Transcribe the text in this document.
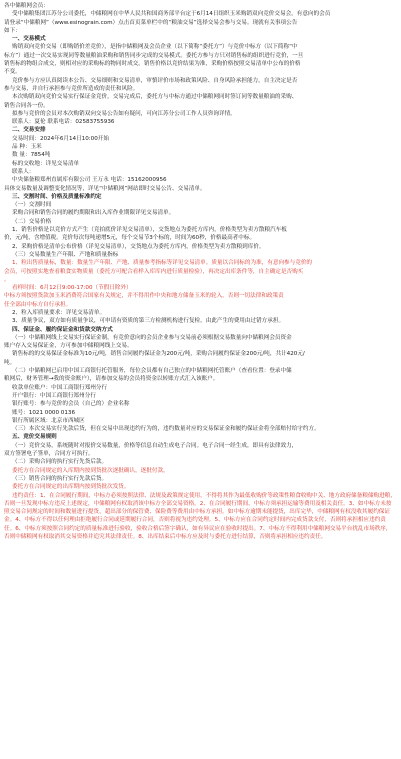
各中储粮网会员：
受中储粮集团江苏分公司委托，中储粮网在中华人民共和国商务部平台定于6月14日组织玉米购销双向竞价交易会，有意向的会员
请登录“中储粮网”（www.esinograin.com）点击首页菜单栏中的“粮油交易”选择交易会参与交易。现就有关事项公告
如下：
一、交易模式
购销双向竞价交易（即购销价差竞价），是指中储粮网及会员企业（以下简称“委托方”）与竞价中标方（以下简称“中
标方”）通过一次交易实现同等数量粮油采购和销售同步完成的交易模式。委托方参与方只对销售标的组织进行竞价，一旦
销售标的物组合成交，则相对应的采购标的物同时成交。销售价格以竞价结果为准，采购价格按照交易清单中公布的价格
不变。
竞价参与方应认真阅读本公告、交易细则和交易清单，审慎评价市场和政策风险、自身风险承担能力，自主决定是否
参与交易，并自行承担参与竞价所造成的责任和风险。
本次购销双向竞价交易实行保证金竞价，交易完成后，委托方与中标方通过中储粮网同时签订同等数量粮油的采购、
销售合同各一份。
拟参与竞价的会员对本次购销双向交易公告如有疑问，可向江苏分公司工作人员咨询详情。
联系人：夏伦 联系电话：02583755936
二、交易安排
交易时间：2024年6月14日10:00开始
品 种：玉米
数 量：7854吨
标的交收地：详见交易清单
联系人：
中央储备粮郑州直属库有限公司 王万永 电话：15162000956
具体交易数量及调整变化情况等，详见“中储粮网”网站即时交易公告、交易清单。
三、交割时间、价格及质量标准约定
（一）交割时间
采购合同和销售合同的履约期限和出入库作业期限详见交易清单。
（二）交易价格
1、销售价格是以竞价方式产生（竞拍底价详见交易清单），交货地点为委托方库内，价格类型为卖方散粮汽车板
价，元/吨，含增值税。竞价每次每吨递增5元，每个交易节3个标的，时间为60秒，价格最高者中标。
2、采购价格是清单公布价格（详见交易清单），交货地点为委托方库内，价格类型为卖方散粮到库价。
（三）交易数量生产年限、产地和质量指标
1、粒出售质量标，数量：数量生产年限、产地、质量参考指标等详见交易清单。质量以合同标的为准，有意向参与竞价的
会员，可按照实地查看粮食实物质量（委托方可配合看样入库库内进行质量检验），再决定出库条件等，自主确定是否购买
。
看样时间：6月12日9:00-17:00（节假日除外）
中标方须按照货款加玉米消费符合国家有关规定，并不得用作中央和地方储备玉米的轮入，否则一切法律和政策责
任全部由中标方自行承担。
2、粒入库质量要求：详见交易清单。
3、质量争议，双方如有质量争议，可申请有资质的第三方检测机构进行复检，由此产生的费用由过错方承担。
四、保证金、履约保证金和货款交纳方式
（一）中储粮网线上交易实行保证金制，有竞价意向的会员企业参与交易前必须根据交易数量向中储粮网会员资金
账户存入交易保证金，方可参加中储粮网线上交易。
销售标的的交易保证金标准为10元/吨，销售合同履约保证金为200元/吨，采购合同履约保证金200元/吨，共计420元/
吨。
（二）中储粮网已启用中国工商银行托管服务，每位会员都有自己独立的中储粮网托管账户（查看位置：登录中储
粮网后，财务管理→我的资金账户），请参加交易的会员将资金以转账方式汇入该账户。
收款单位账户：中国工商银行郑州分行
开户银行：中国工商银行郑州分行
银行账号：参与竞价的会员（自己的）企业名称
账号：1021 0000 0136
银行所属区域：北京市西城区
（三）本次交易实行先款后货，但在交易中出现违约行为的，违约数量对应的交易保证金和履约保证金将全部赔付给守约方。
五、竞价交易规则
（一）竞价交易，系统随时对报价交易数量，价格等信息自动生成电子合同。电子合同一经生成，即具有法律效力，
双方签署电子签单，合同方可执行。
（二）采购合同的执行实行先货后款。
委托方在合同规定的入库期内按到货批次逐批确认，逐批付款。
（三）销售合同的执行实行先款后货。
委托方在合同规定的出库期内按到货批次发货。
违约责任：1、在合同履行期间，中标方必须按照法律、法规及政策规定使用，不得将其作为最低收购价等政策性粮食收购中关、地方政府储备粮储购进粮，否则一旦发现中标方违反上述规定，中储粮网有权取消该中标方全部交易资格。2、在合同履行期间，中标方须承担运输等费用及相关责任。3、如中标方未按照交易合同规定的时间和数量进行提货，超出部分的保管费、保险费等费用由中标方承担。如中标方逾期未能提货，出库完毕，中储粮网有权没收其履约保证金。4、中标方不得以任何理由拒绝履行合同或延期履行合同，否则将视为违约处理。5、中标方应在合同约定时间内完成货款支付，否则将承担相应违约责任。6、中标方须按照合同约定的质量标准进行验收，验收合格后签字确认，如有异议应在验收时提出。7、中标方不得利用中储粮网交易平台扰乱市场秩序，否则中储粮网有权取消其交易资格并追究其法律责任。8、出库结束后中标方应及时与委托方进行结算，否则将承担相应违约责任。
